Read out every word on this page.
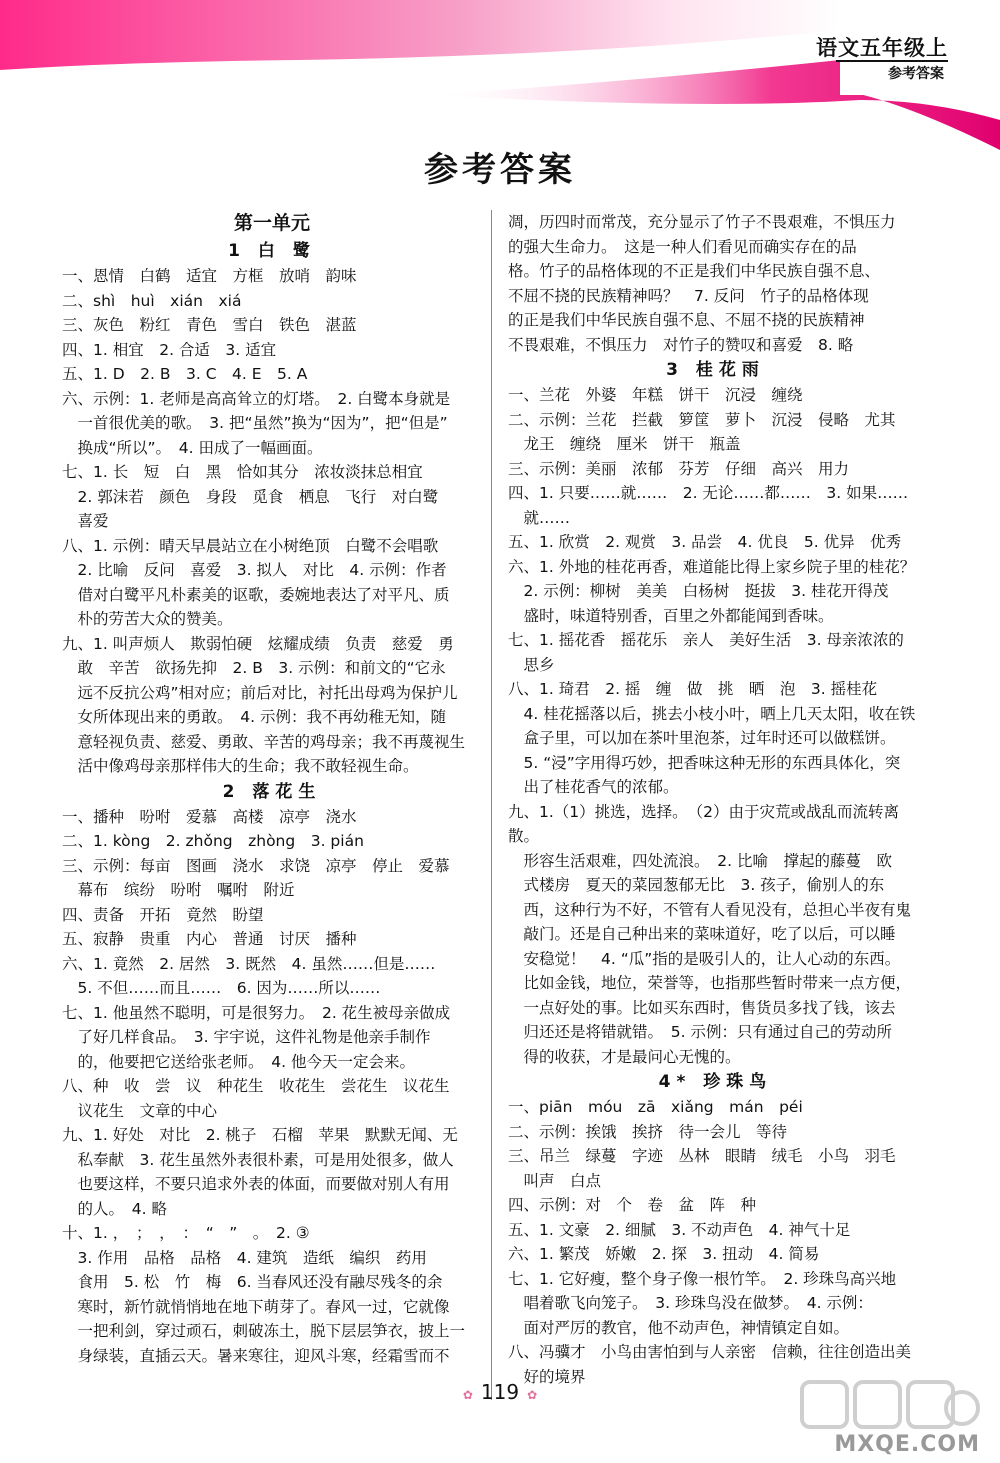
语文五年级上
参考答案
参考答案
第一单元
1 白 鹭
一、恩情　白鹤　适宜　方框　放哨　韵味
二、shì　huì　xián　xiá
三、灰色　粉红　青色　雪白　铁色　湛蓝
四、1. 相宜　2. 合适　3. 适宜
五、1. D　2. B　3. C　4. E　5. A
六、示例：1. 老师是高高耸立的灯塔。　2. 白鹭本身就是
　一首很优美的歌。　3. 把“虽然”换为“因为”，把“但是”
　换成“所以”。　4. 田成了一幅画面。
七、1. 长　短　白　黑　恰如其分　浓妆淡抹总相宜
　2. 郭沫若　颜色　身段　觅食　栖息　飞行　对白鹭
　喜爱
八、1. 示例：晴天早晨站立在小树绝顶　白鹭不会唱歌
　2. 比喻　反问　喜爱　3. 拟人　对比　4. 示例：作者
　借对白鹭平凡朴素美的讴歌，委婉地表达了对平凡、质
　朴的劳苦大众的赞美。
九、1. 叫声烦人　欺弱怕硬　炫耀成绩　负责　慈爱　勇
　敢　辛苦　欲扬先抑　2. B　3. 示例：和前文的“它永
　远不反抗公鸡”相对应；前后对比，衬托出母鸡为保护儿
　女所体现出来的勇敢。　4. 示例：我不再幼稚无知，随
　意轻视负责、慈爱、勇敢、辛苦的鸡母亲；我不再蔑视生
　活中像鸡母亲那样伟大的生命；我不敢轻视生命。
2 落花生
一、播种　吩咐　爱慕　高楼　凉亭　浇水
二、1. kòng　2. zhǒng　zhòng　3. pián
三、示例：每亩　图画　浇水　求饶　凉亭　停止　爱慕
　幕布　缤纷　吩咐　嘱咐　附近
四、责备　开拓　竟然　盼望
五、寂静　贵重　内心　普通　讨厌　播种
六、1. 竟然　2. 居然　3. 既然　4. 虽然……但是……
　5. 不但……而且……　6. 因为……所以……
七、1. 他虽然不聪明，可是很努力。　2. 花生被母亲做成
　了好几样食品。　3. 宇宇说，这件礼物是他亲手制作
　的，他要把它送给张老师。　4. 他今天一定会来。
八、种　收　尝　议　种花生　收花生　尝花生　议花生
　议花生　文章的中心
九、1. 好处　对比　2. 桃子　石榴　苹果　默默无闻、无
　私奉献　3. 花生虽然外表很朴素，可是用处很多，做人
　也要这样，不要只追求外表的体面，而要做对别人有用
　的人。　4. 略
十、1. ，　；　，　：　“　”　。　2. ③
　3. 作用　品格　品格　4. 建筑　造纸　编织　药用
　食用　5. 松　竹　梅　6. 当春风还没有融尽残冬的余
　寒时，新竹就悄悄地在地下萌芽了。春风一过，它就像
　一把利剑，穿过顽石，刺破冻土，脱下层层笋衣，披上一
　身绿装，直插云天。暑来寒往，迎风斗寒，经霜雪而不
凋，历四时而常茂，充分显示了竹子不畏艰难，不惧压力
的强大生命力。　这是一种人们看见而确实存在的品
格。竹子的品格体现的不正是我们中华民族自强不息、
不屈不挠的民族精神吗？　7. 反问　竹子的品格体现
的正是我们中华民族自强不息、不屈不挠的民族精神
不畏艰难，不惧压力　对竹子的赞叹和喜爱　8. 略
3 桂花雨
一、兰花　外婆　年糕　饼干　沉浸　缠绕
二、示例：兰花　拦截　箩筐　萝卜　沉浸　侵略　尤其
　龙王　缠绕　厘米　饼干　瓶盖
三、示例：美丽　浓郁　芬芳　仔细　高兴　用力
四、1. 只要……就……　2. 无论……都……　3. 如果……
　就……
五、1. 欣赏　2. 观赏　3. 品尝　4. 优良　5. 优异　优秀
六、1. 外地的桂花再香，难道能比得上家乡院子里的桂花？
　2. 示例：柳树　美美　白杨树　挺拔　3. 桂花开得茂
　盛时，味道特别香，百里之外都能闻到香味。
七、1. 摇花香　摇花乐　亲人　美好生活　3. 母亲浓浓的
　思乡
八、1. 琦君　2. 摇　缠　做　挑　晒　泡　3. 摇桂花
　4. 桂花摇落以后，挑去小枝小叶，晒上几天太阳，收在铁
　盒子里，可以加在茶叶里泡茶，过年时还可以做糕饼。
　5. “浸”字用得巧妙，把香味这种无形的东西具体化，突
　出了桂花香气的浓郁。
九、1.（1）挑选，选择。　（2）由于灾荒或战乱而流转离散。
　形容生活艰难，四处流浪。　2. 比喻　撑起的藤蔓　欧
　式楼房　夏天的菜园葱郁无比　3. 孩子，偷别人的东
　西，这种行为不好，不管有人看见没有，总担心半夜有鬼
　敲门。还是自己种出来的菜味道好，吃了以后，可以睡
　安稳觉！　4. “瓜”指的是吸引人的，让人心动的东西。
　比如金钱，地位，荣誉等，也指那些暂时带来一点方便，
　一点好处的事。比如买东西时，售货员多找了钱，该去
　归还还是将错就错。　5. 示例：只有通过自己的劳动所
　得的收获，才是最问心无愧的。
4* 珍珠鸟
一、piān　móu　zā　xiǎng　mán　péi
二、示例：挨饿　挨挤　待一会儿　等待
三、吊兰　绿蔓　字迹　丛林　眼睛　绒毛　小鸟　羽毛
　叫声　白点
四、示例：对　个　卷　盆　阵　种
五、1. 文豪　2. 细腻　3. 不动声色　4. 神气十足
六、1. 繁茂　娇嫩　2. 探　3. 扭动　4. 简易
七、1. 它好瘦，整个身子像一根竹竿。　2. 珍珠鸟高兴地
　唱着歌飞向笼子。　3. 珍珠鸟没在做梦。　4. 示例：
　面对严厉的教官，他不动声色，神情镇定自如。
八、冯骥才　小鸟由害怕到与人亲密　信赖，往往创造出美
　好的境界
✿ 119 ✿
MXQE.COM
